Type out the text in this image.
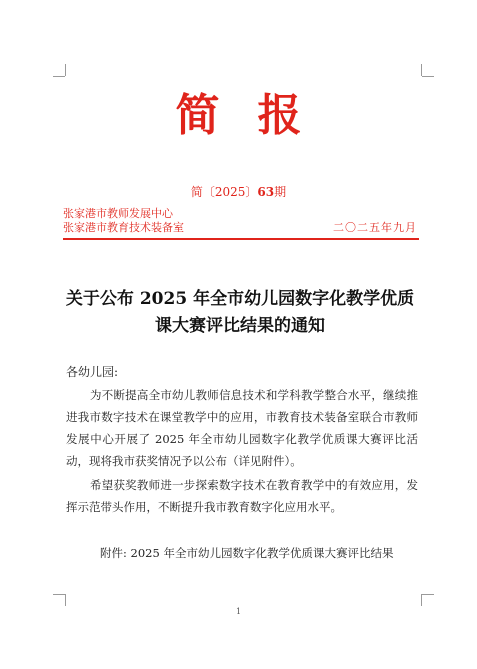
简报
简〔2025〕63期
张家港市教师发展中心
张家港市教育技术装备室	二〇二五年九月
关于公布 2025 年全市幼儿园数字化教学优质
课大赛评比结果的通知
各幼儿园:
为不断提高全市幼儿教师信息技术和学科教学整合水平，继续推进我市数字技术在课堂教学中的应用，市教育技术装备室联合市教师发展中心开展了 2025 年全市幼儿园数字化教学优质课大赛评比活动，现将我市获奖情况予以公布（详见附件）。
希望获奖教师进一步探索数字技术在教育教学中的有效应用，发挥示范带头作用，不断提升我市教育数字化应用水平。
附件: 2025 年全市幼儿园数字化教学优质课大赛评比结果
1
